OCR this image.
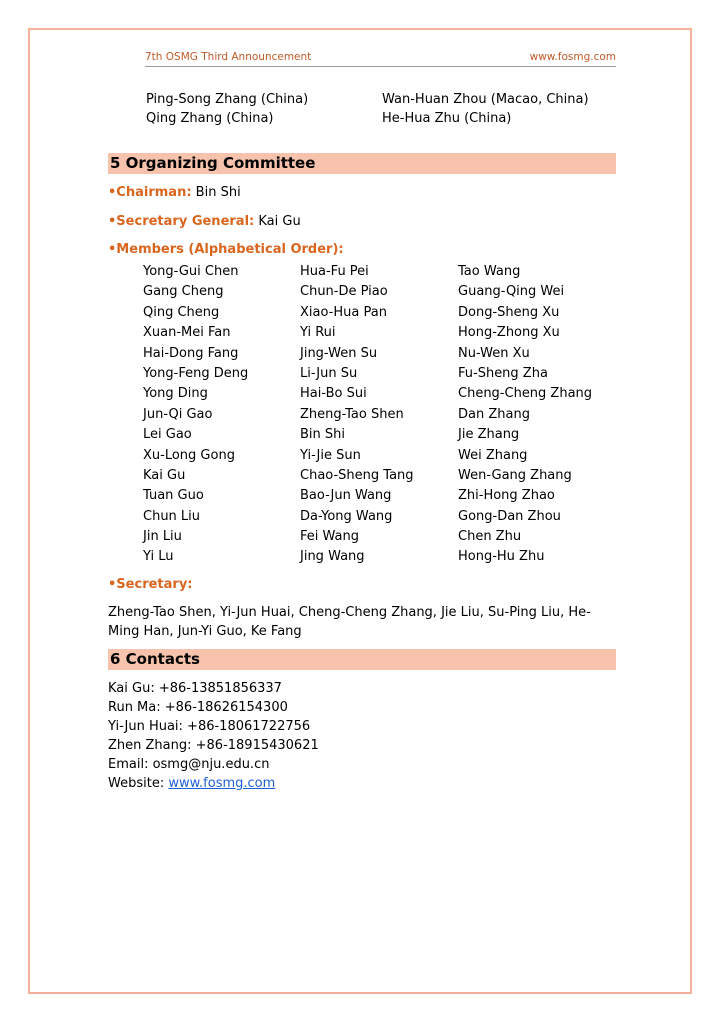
7th OSMG Third Announcement	www.fosmg.com
Ping-Song Zhang (China)
Qing Zhang (China)
Wan-Huan Zhou (Macao, China)
He-Hua Zhu (China)
5 Organizing Committee
•Chairman: Bin Shi
•Secretary General: Kai Gu
•Members (Alphabetical Order):
Yong-Gui Chen
Gang Cheng
Qing Cheng
Xuan-Mei Fan
Hai-Dong Fang
Yong-Feng Deng
Yong Ding
Jun-Qi Gao
Lei Gao
Xu-Long Gong
Kai Gu
Tuan Guo
Chun Liu
Jin Liu
Yi Lu
Hua-Fu Pei
Chun-De Piao
Xiao-Hua Pan
Yi Rui
Jing-Wen Su
Li-Jun Su
Hai-Bo Sui
Zheng-Tao Shen
Bin Shi
Yi-Jie Sun
Chao-Sheng Tang
Bao-Jun Wang
Da-Yong Wang
Fei Wang
Jing Wang
Tao Wang
Guang-Qing Wei
Dong-Sheng Xu
Hong-Zhong Xu
Nu-Wen Xu
Fu-Sheng Zha
Cheng-Cheng Zhang
Dan Zhang
Jie Zhang
Wei Zhang
Wen-Gang Zhang
Zhi-Hong Zhao
Gong-Dan Zhou
Chen Zhu
Hong-Hu Zhu
•Secretary:
Zheng-Tao Shen, Yi-Jun Huai, Cheng-Cheng Zhang, Jie Liu, Su-Ping Liu, He-Ming Han, Jun-Yi Guo, Ke Fang
6 Contacts
Kai Gu: +86-13851856337
Run Ma: +86-18626154300
Yi-Jun Huai: +86-18061722756
Zhen Zhang: +86-18915430621
Email: osmg@nju.edu.cn
Website: www.fosmg.com
